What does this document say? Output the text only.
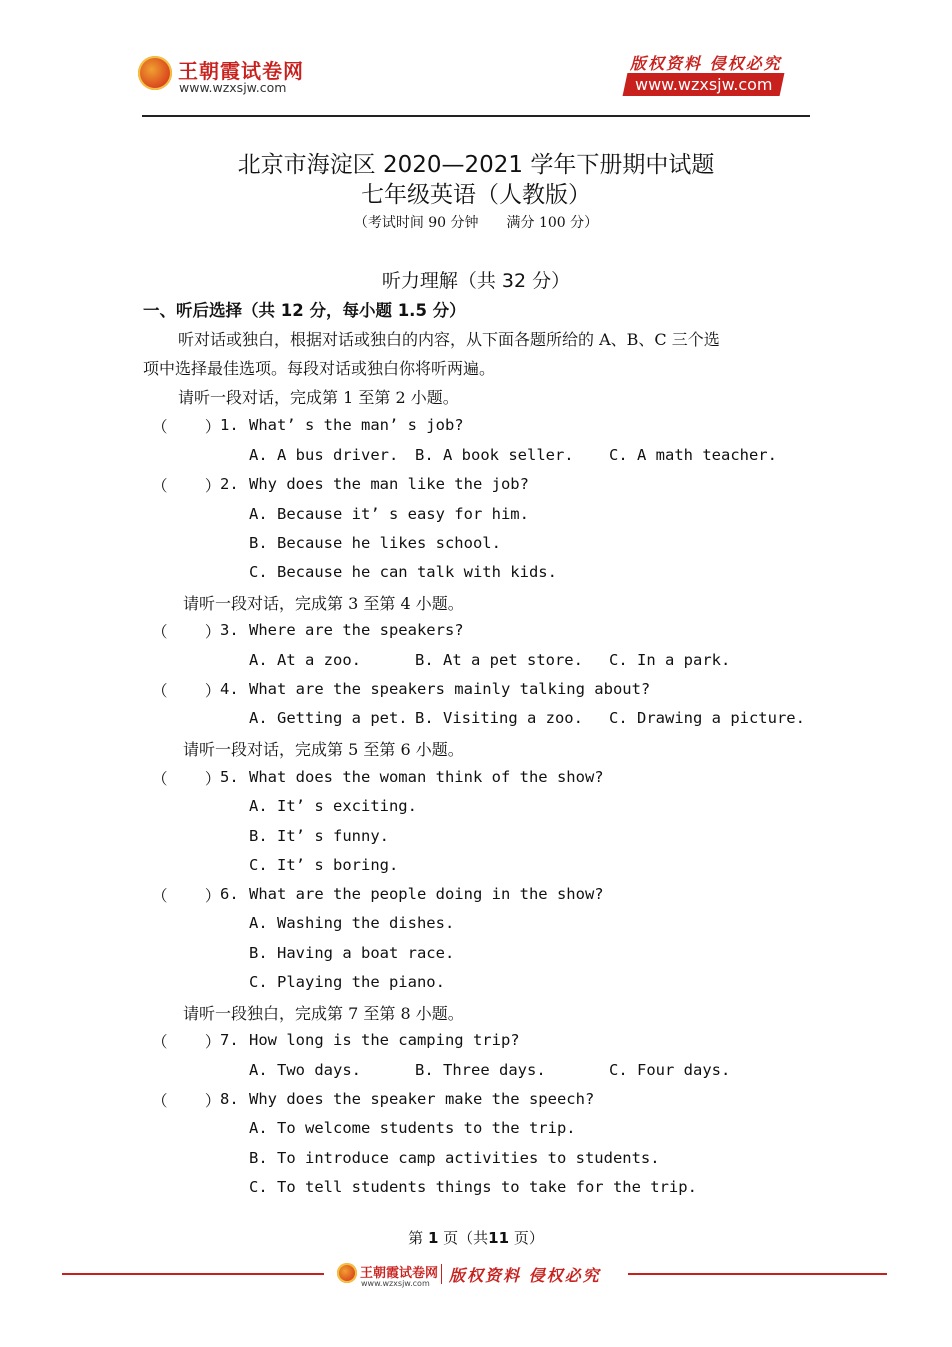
王朝霞试卷网
www.wzxsjw.com
版权资料 侵权必究
www.wzxsjw.com
北京市海淀区 2020—2021 学年下册期中试题
七年级英语（人教版）
（考试时间 90 分钟　　满分 100 分）
听力理解（共 32 分）
一、听后选择（共 12 分，每小题 1.5 分）
听对话或独白，根据对话或独白的内容，从下面各题所给的 A、B、C 三个选
项中选择最佳选项。每段对话或独白你将听两遍。
请听一段对话，完成第 1 至第 2 小题。
（    ） 1. What’ s the man’ s job?
A. A bus driver. B. A book seller. C. A math teacher.
（    ） 2. Why does the man like the job?
A. Because it’ s easy for him.
B. Because he likes school.
C. Because he can talk with kids.
请听一段对话，完成第 3 至第 4 小题。
（    ） 3. Where are the speakers?
A. At a zoo.	B. At a pet store. C. In a park.
（    ） 4. What are the speakers mainly talking about?
A. Getting a pet. B. Visiting a zoo. C. Drawing a picture.
请听一段对话，完成第 5 至第 6 小题。
（    ） 5. What does the woman think of the show?
A. It’ s exciting.
B. It’ s funny.
C. It’ s boring.
（    ） 6. What are the people doing in the show?
A. Washing the dishes.
B. Having a boat race.
C. Playing the piano.
请听一段独白，完成第 7 至第 8 小题。
（    ） 7. How long is the camping trip?
A. Two days.	B. Three days.	C. Four days.
（    ） 8. Why does the speaker make the speech?
A. To welcome students to the trip.
B. To introduce camp activities to students.
C. To tell students things to take for the trip.
第 1 页（共11 页）
王朝霞试卷网
www.wzxsjw.com 版权资料 侵权必究
